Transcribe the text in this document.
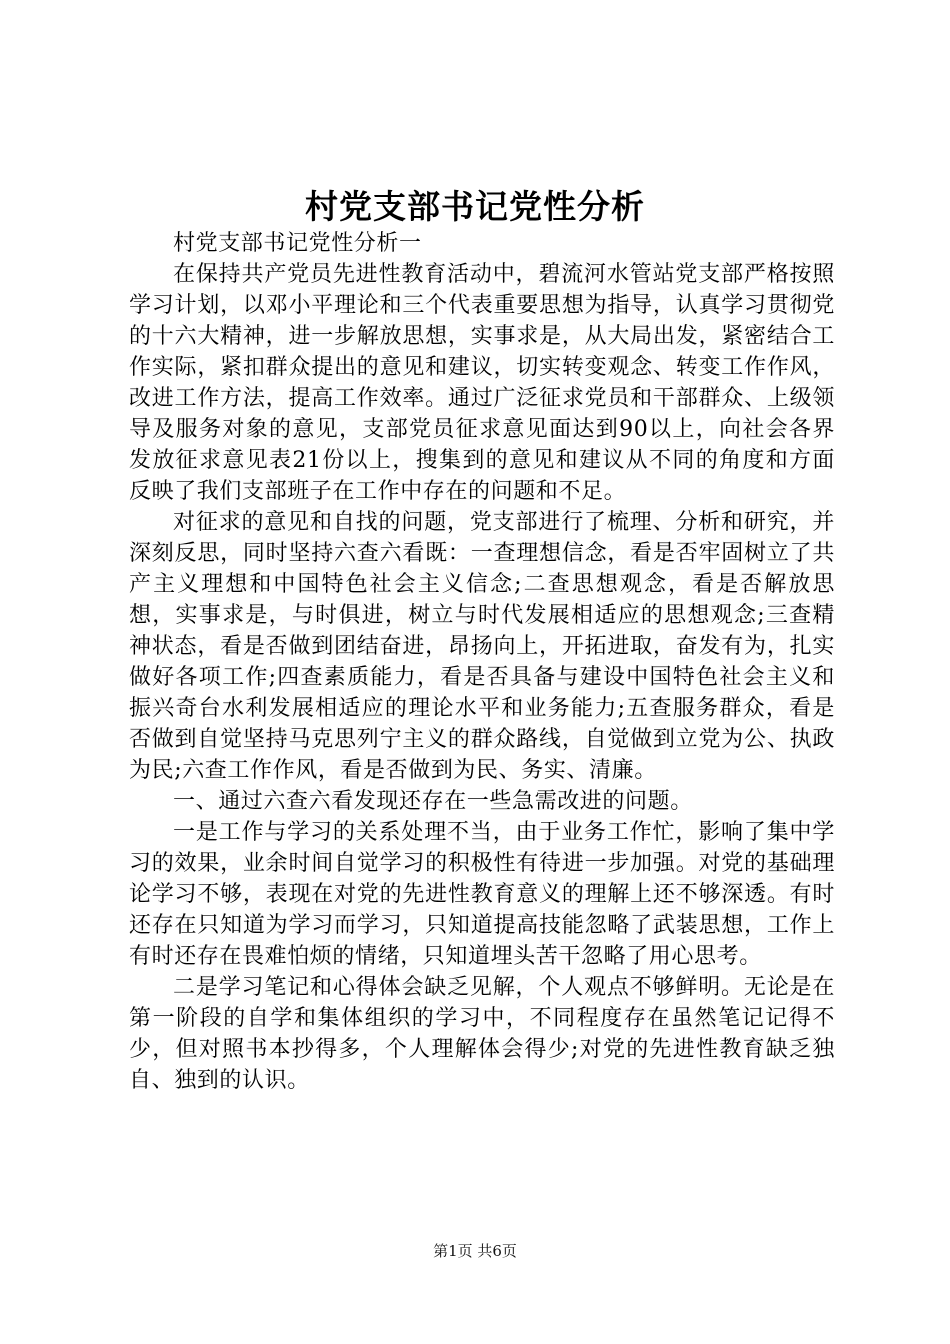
村党支部书记党性分析

村党支部书记党性分析一

在保持共产党员先进性教育活动中，碧流河水管站党支部严格按照学习计划，以邓小平理论和三个代表重要思想为指导，认真学习贯彻党的十六大精神，进一步解放思想，实事求是，从大局出发，紧密结合工作实际，紧扣群众提出的意见和建议，切实转变观念、转变工作作风，改进工作方法，提高工作效率。通过广泛征求党员和干部群众、上级领导及服务对象的意见，支部党员征求意见面达到90以上，向社会各界发放征求意见表21份以上，搜集到的意见和建议从不同的角度和方面反映了我们支部班子在工作中存在的问题和不足。

对征求的意见和自找的问题，党支部进行了梳理、分析和研究，并深刻反思，同时坚持六查六看既：一查理想信念，看是否牢固树立了共产主义理想和中国特色社会主义信念;二查思想观念，看是否解放思想，实事求是，与时俱进，树立与时代发展相适应的思想观念;三查精神状态，看是否做到团结奋进，昂扬向上，开拓进取，奋发有为，扎实做好各项工作;四查素质能力，看是否具备与建设中国特色社会主义和振兴奇台水利发展相适应的理论水平和业务能力;五查服务群众，看是否做到自觉坚持马克思列宁主义的群众路线，自觉做到立党为公、执政为民;六查工作作风，看是否做到为民、务实、清廉。

一、通过六查六看发现还存在一些急需改进的问题。

一是工作与学习的关系处理不当，由于业务工作忙，影响了集中学习的效果，业余时间自觉学习的积极性有待进一步加强。对党的基础理论学习不够，表现在对党的先进性教育意义的理解上还不够深透。有时还存在只知道为学习而学习，只知道提高技能忽略了武装思想，工作上有时还存在畏难怕烦的情绪，只知道埋头苦干忽略了用心思考。

二是学习笔记和心得体会缺乏见解，个人观点不够鲜明。无论是在第一阶段的自学和集体组织的学习中，不同程度存在虽然笔记记得不少，但对照书本抄得多，个人理解体会得少;对党的先进性教育缺乏独自、独到的认识。

第1页 共6页
